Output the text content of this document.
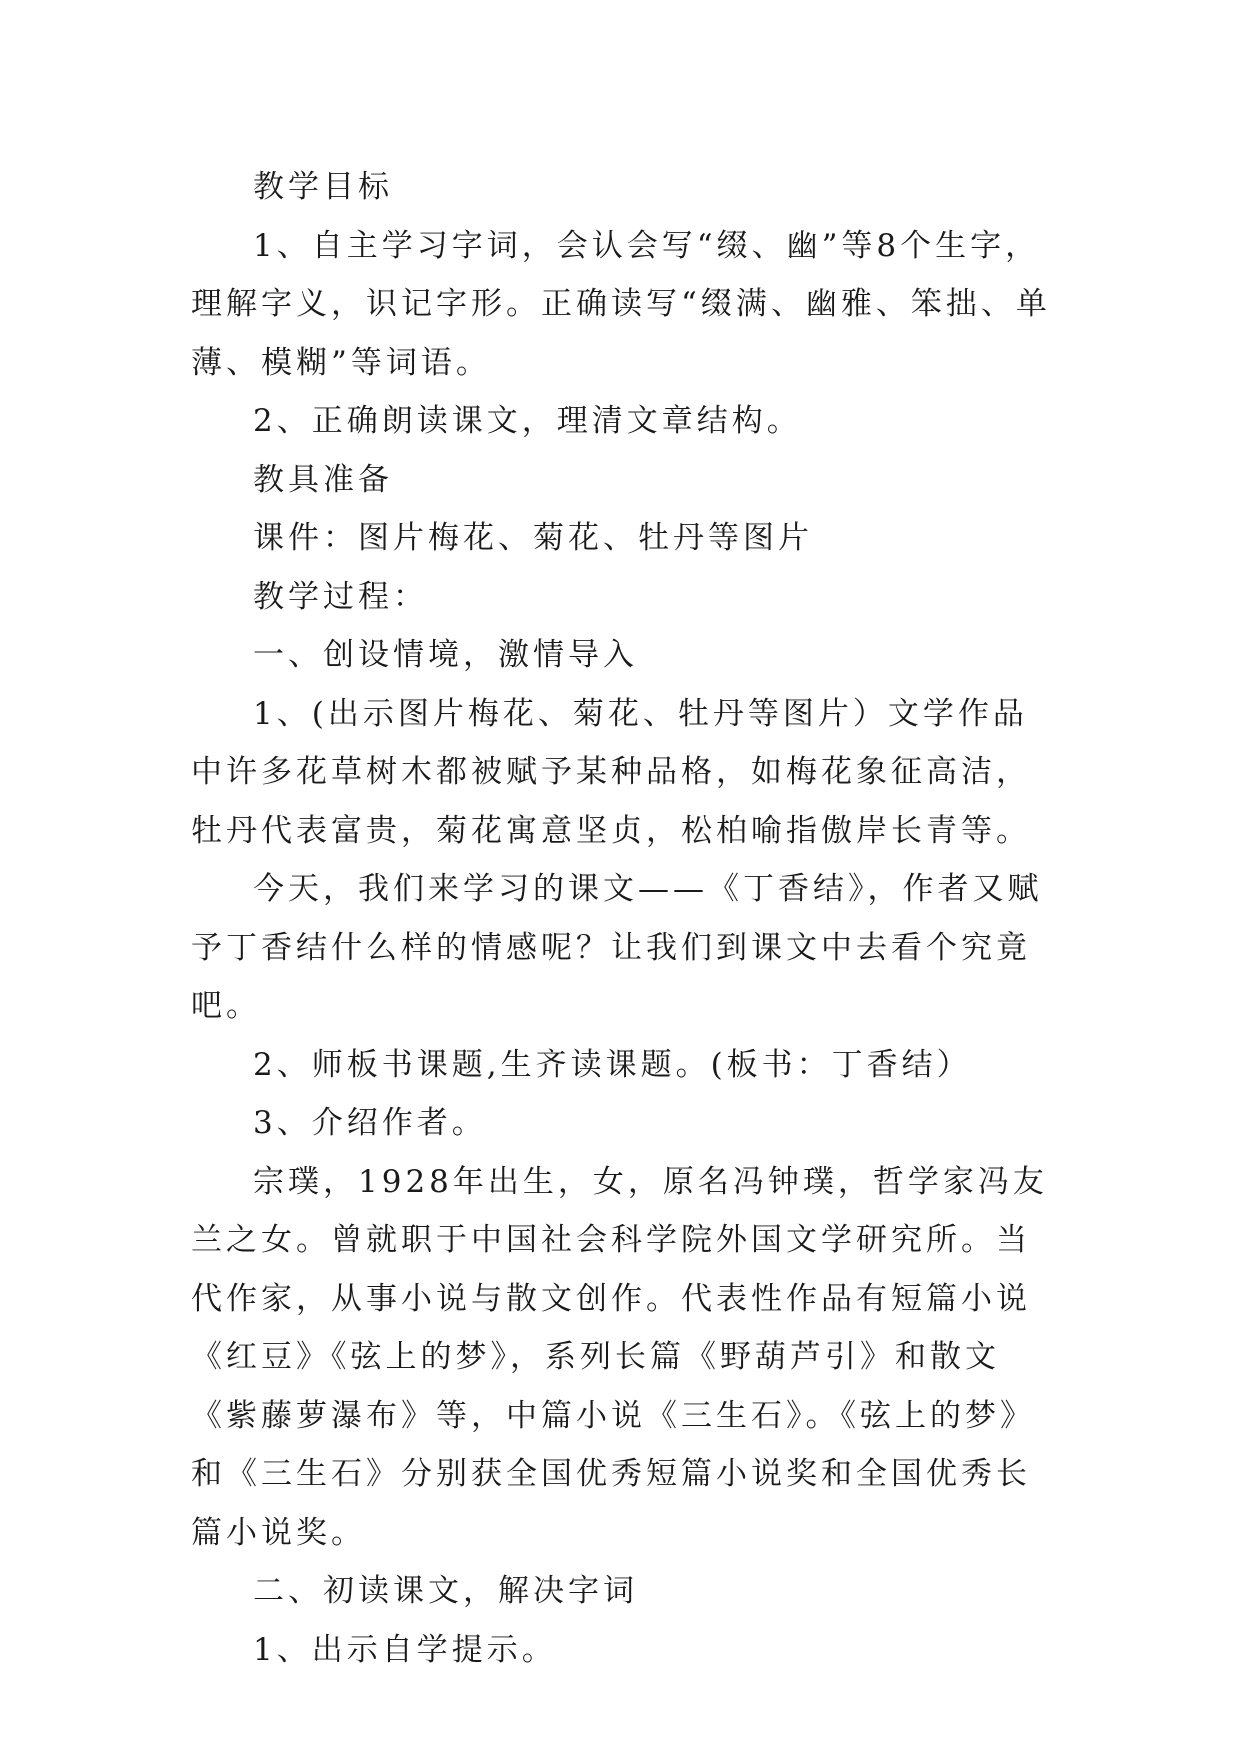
教学目标

1、自主学习字词，会认会写“缀、幽”等8个生字，理解字义，识记字形。正确读写“缀满、幽雅、笨拙、单薄、模糊”等词语。

2、正确朗读课文，理清文章结构。

教具准备

课件：图片梅花、菊花、牡丹等图片

教学过程：

一、创设情境，激情导入

1、(出示图片梅花、菊花、牡丹等图片）文学作品中许多花草树木都被赋予某种品格，如梅花象征高洁，牡丹代表富贵，菊花寓意坚贞，松柏喻指傲岸长青等。

今天，我们来学习的课文——《丁香结》，作者又赋予丁香结什么样的情感呢？让我们到课文中去看个究竟吧。

2、师板书课题,生齐读课题。(板书：丁香结）

3、介绍作者。

宗璞，1928年出生，女，原名冯钟璞，哲学家冯友兰之女。曾就职于中国社会科学院外国文学研究所。当代作家，从事小说与散文创作。代表性作品有短篇小说《红豆》《弦上的梦》，系列长篇《野葫芦引》和散文《紫藤萝瀑布》等，中篇小说《三生石》。《弦上的梦》和《三生石》分别获全国优秀短篇小说奖和全国优秀长篇小说奖。

二、初读课文，解决字词

1、出示自学提示。
